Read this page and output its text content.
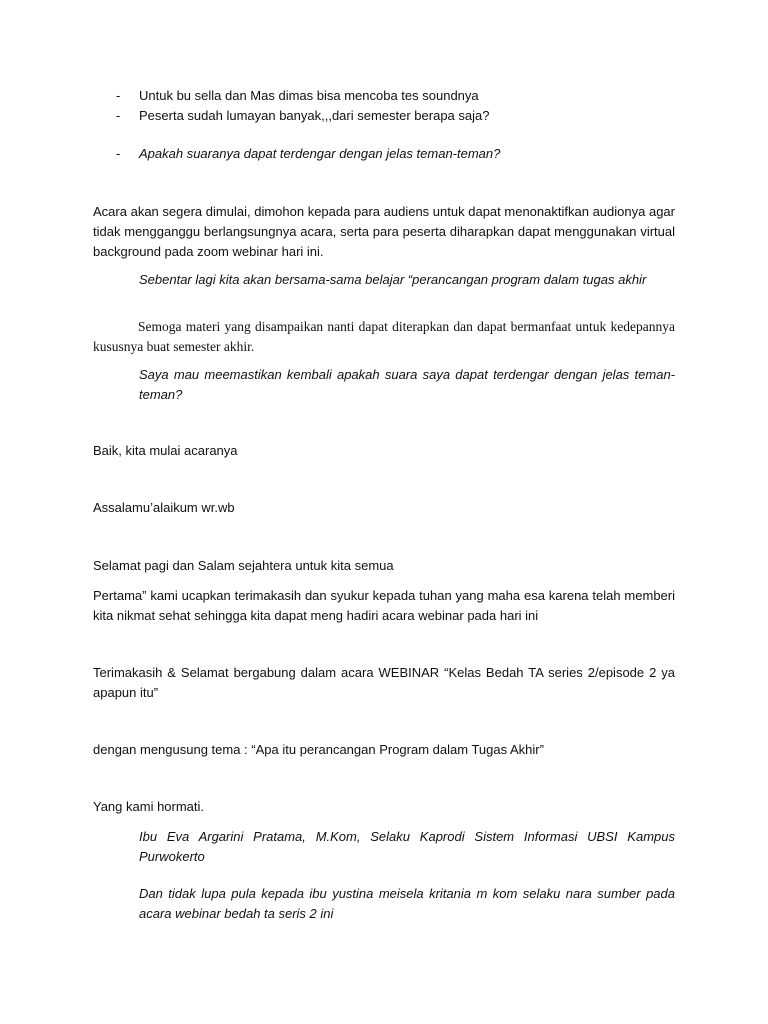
-	Untuk bu sella dan Mas dimas bisa mencoba tes soundnya
-	Peserta sudah lumayan banyak,,,dari semester berapa saja?
-	Apakah suaranya dapat terdengar dengan jelas teman-teman?

Acara akan segera dimulai, dimohon kepada para audiens untuk dapat menonaktifkan audionya agar tidak mengganggu berlangsungnya acara, serta para peserta diharapkan dapat menggunakan virtual background pada zoom webinar hari ini.

Sebentar lagi kita akan bersama-sama belajar “perancangan program dalam tugas akhir

Semoga materi yang disampaikan nanti dapat diterapkan dan dapat bermanfaat untuk kedepannya kususnya buat semester akhir.

Saya mau meemastikan kembali apakah suara saya dapat terdengar dengan jelas teman-teman?

Baik, kita mulai acaranya

Assalamu’alaikum wr.wb

Selamat pagi dan Salam sejahtera untuk kita semua

Pertama” kami ucapkan terimakasih dan syukur kepada tuhan yang maha esa karena telah memberi kita nikmat sehat sehingga kita dapat meng hadiri acara webinar pada hari ini

Terimakasih & Selamat bergabung dalam acara WEBINAR “Kelas Bedah TA series 2/episode 2 ya apapun itu”

dengan mengusung tema : “Apa itu perancangan Program dalam Tugas Akhir”

Yang kami hormati.

Ibu Eva Argarini Pratama, M.Kom, Selaku Kaprodi Sistem Informasi UBSI Kampus Purwokerto

Dan tidak lupa pula kepada ibu yustina meisela kritania m kom selaku nara sumber pada acara webinar bedah ta seris 2 ini
